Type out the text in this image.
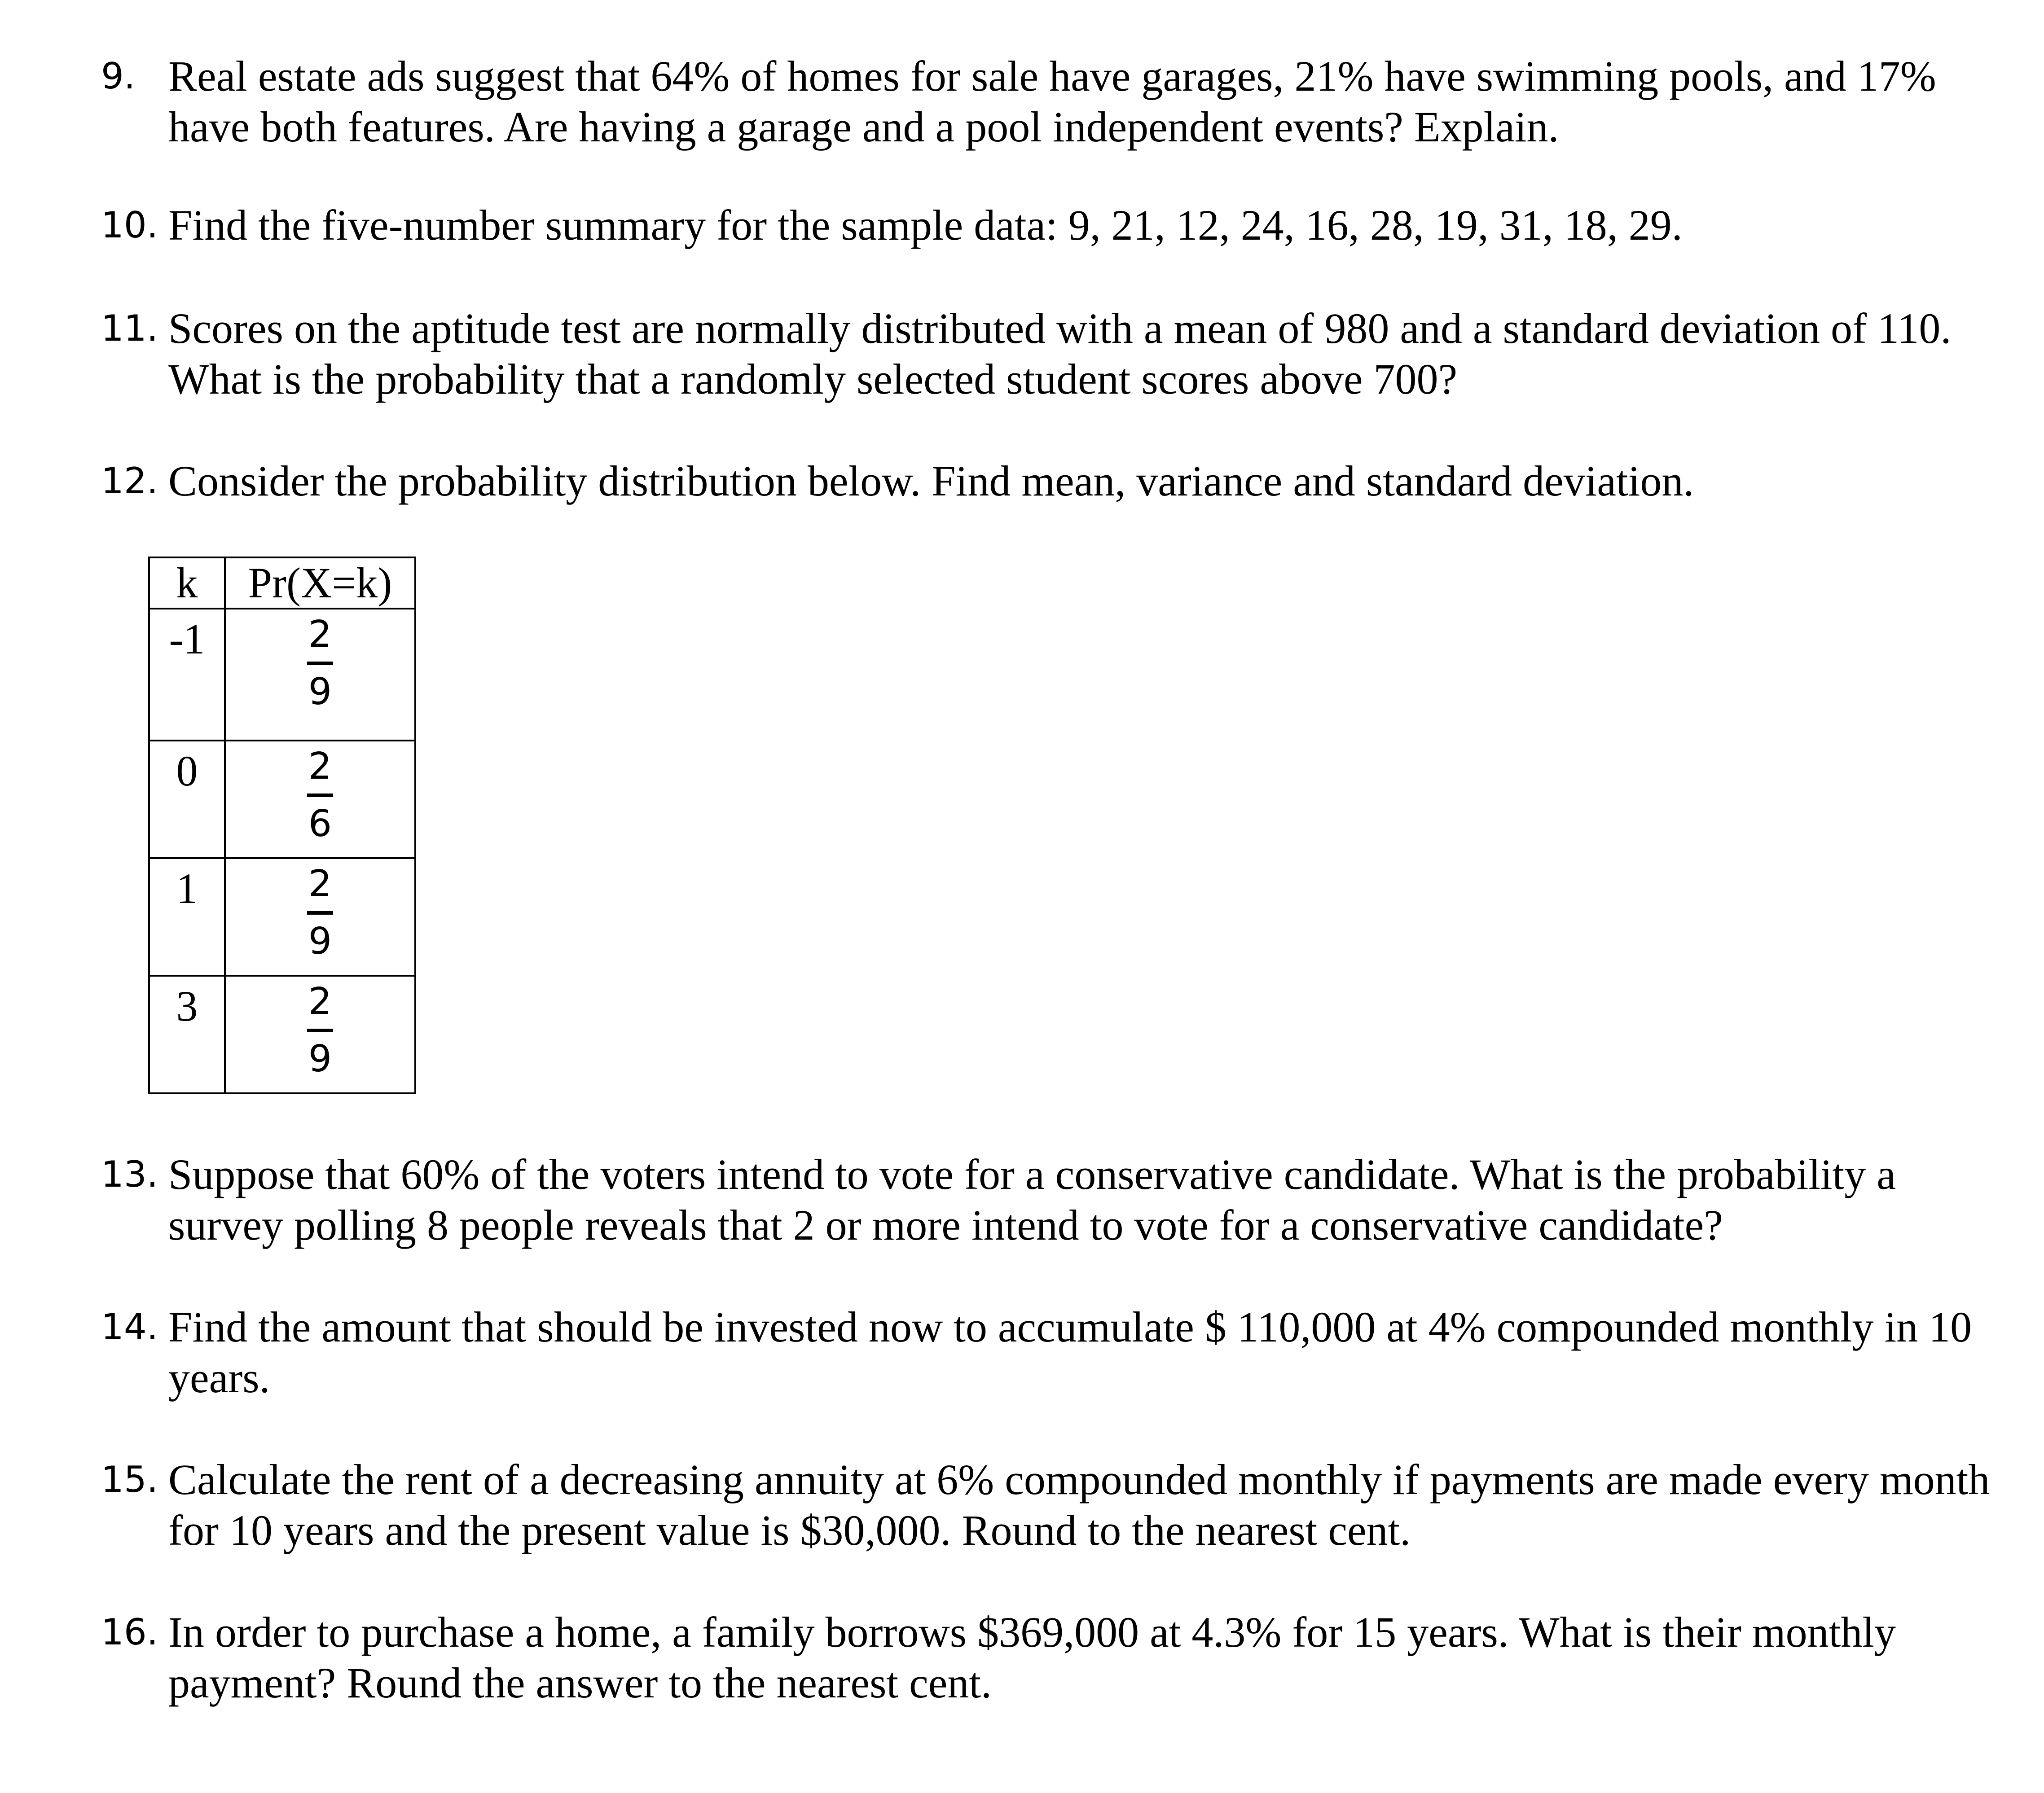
9. Real estate ads suggest that 64% of homes for sale have garages, 21% have swimming pools, and 17% have both features. Are having a garage and a pool independent events? Explain.
10. Find the five-number summary for the sample data: 9, 21, 12, 24, 16, 28, 19, 31, 18, 29.
11. Scores on the aptitude test are normally distributed with a mean of 980 and a standard deviation of 110. What is the probability that a randomly selected student scores above 700?
12. Consider the probability distribution below. Find mean, variance and standard deviation.
k	Pr(X=k)

-1	2
9

0	2
6

1	2
9

3	2
9
13. Suppose that 60% of the voters intend to vote for a conservative candidate. What is the probability a survey polling 8 people reveals that 2 or more intend to vote for a conservative candidate?
14. Find the amount that should be invested now to accumulate $ 110,000 at 4% compounded monthly in 10 years.
15. Calculate the rent of a decreasing annuity at 6% compounded monthly if payments are made every month for 10 years and the present value is $30,000. Round to the nearest cent.
16. In order to purchase a home, a family borrows $369,000 at 4.3% for 15 years. What is their monthly payment? Round the answer to the nearest cent.
